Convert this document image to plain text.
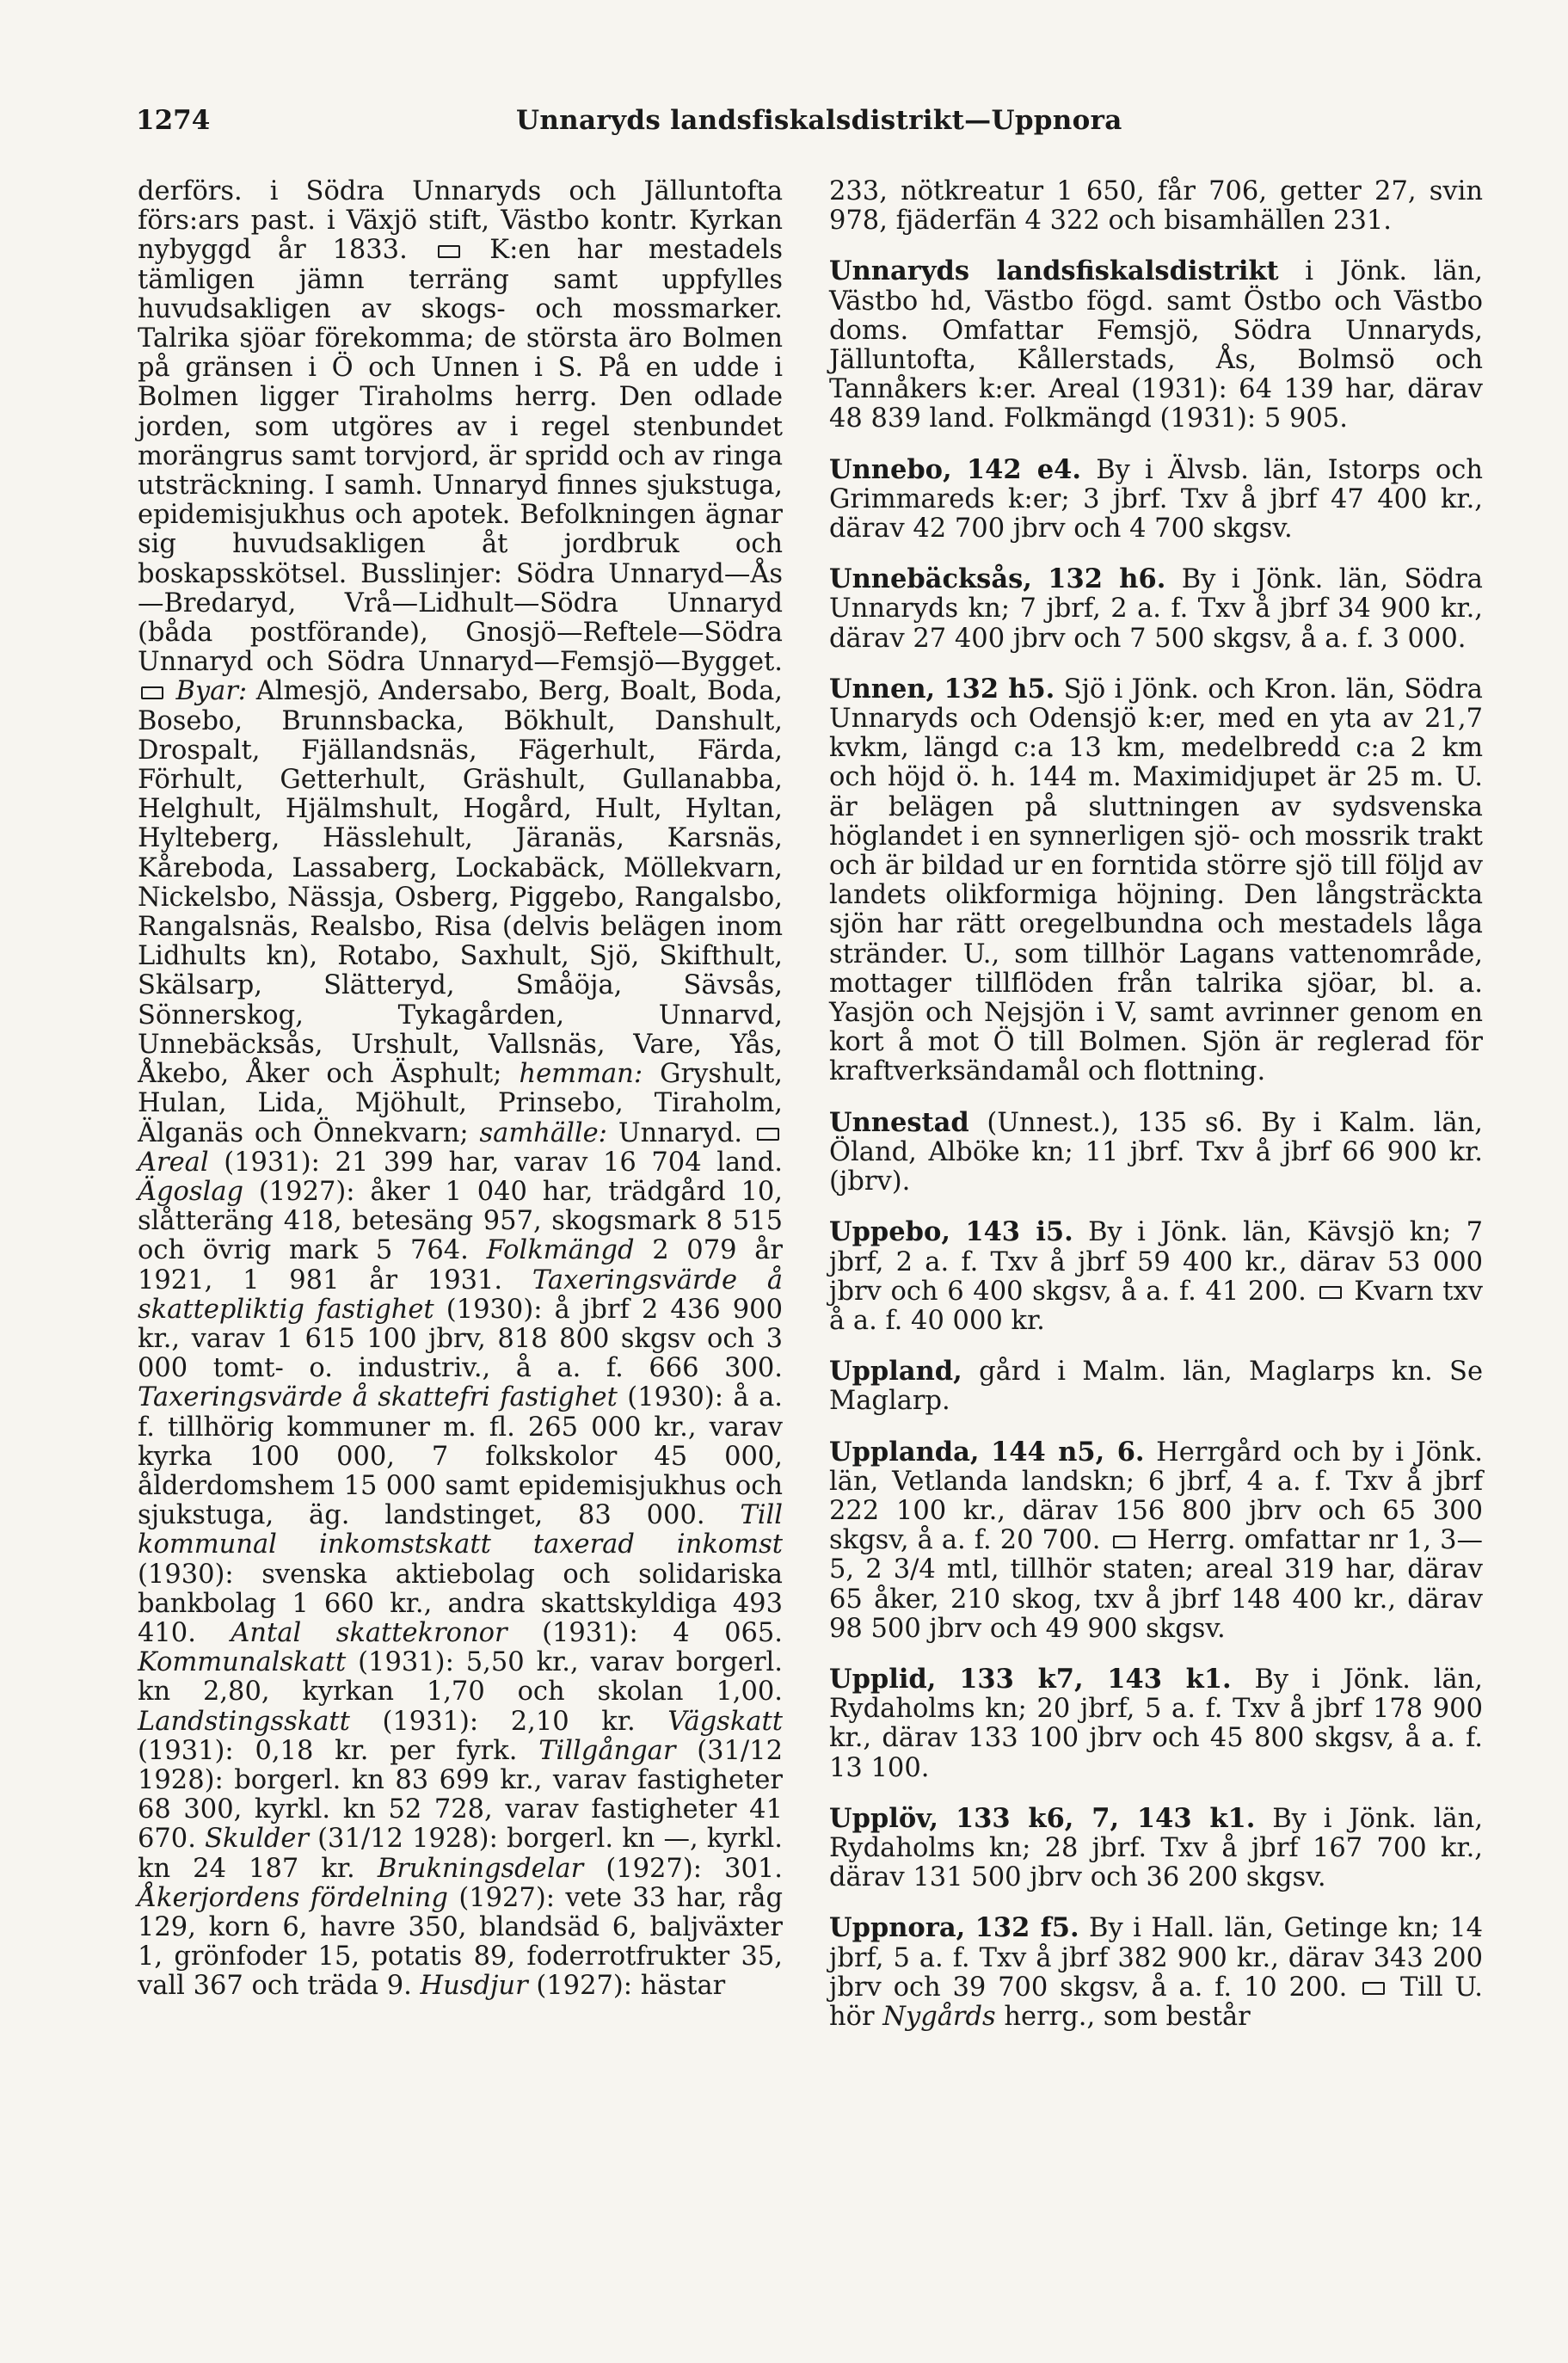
1274	Unnaryds landsfiskalsdistrikt—Uppnora

derförs. i Södra Unnaryds och Jälluntofta förs:ars past. i Växjö stift, Västbo kontr. Kyrkan nybyggd år 1833.	K:en har mestadels tämligen jämn terräng samt uppfylles huvudsakligen av skogs- och mossmarker. Talrika sjöar förekomma; de största äro Bolmen på gränsen i Ö och Unnen i S. På en udde i Bolmen ligger Tiraholms herrg. Den odlade jorden, som utgöres av i regel stenbundet morängrus samt torvjord, är spridd och av ringa utsträckning. I samh. Unnaryd finnes sjukstuga, epidemisjukhus och apotek. Befolkningen ägnar sig huvudsakligen åt jordbruk och boskapsskötsel. Busslinjer: Södra Unnaryd—Ås—Bredaryd, Vrå—Lidhult—Södra Unnaryd (båda postförande), Gnosjö—Reftele—Södra Unnaryd och Södra Unnaryd—Femsjö—Bygget.  Byar: Almesjö, Andersabo, Berg, Boalt, Boda, Bosebo, Brunnsbacka, Bökhult, Danshult, Drospalt, Fjällandsnäs, Fägerhult, Färda, Förhult, Getterhult, Gräshult, Gullanabba, Helghult, Hjälmshult, Hogård, Hult, Hyltan, Hylteberg, Hässlehult, Järanäs, Karsnäs, Kåreboda, Lassaberg, Lockabäck, Möllekvarn, Nickelsbo, Nässja, Osberg, Piggebo, Rangalsbo, Rangalsnäs, Realsbo, Risa (delvis belägen inom Lidhults kn), Rotabo, Saxhult, Sjö, Skifthult, Skälsarp, Slätteryd, Småöja, Sävsås, Sönnerskog, Tykagården, Unnarvd, Unnebäcksås, Urshult, Vallsnäs, Vare, Yås, Åkebo, Åker och Äsphult; hemman: Gryshult, Hulan, Lida, Mjöhult, Prinsebo, Tiraholm, Älganäs och Önnekvarn; samhälle: Unnaryd.  Areal (1931): 21 399 har, varav 16 704 land. Ägoslag (1927): åker 1 040 har, trädgård 10, slåtteräng 418, betesäng 957, skogsmark 8 515 och övrig mark 5 764. Folkmängd 2 079 år 1921, 1 981 år 1931. Taxeringsvärde å skattepliktig fastighet (1930): å jbrf 2 436 900 kr., varav 1 615 100 jbrv, 818 800 skgsv och 3 000 tomt- o. industriv., å a. f. 666 300. Taxeringsvärde å skattefri fastighet (1930): å a. f. tillhörig kommuner m. fl. 265 000 kr., varav kyrka 100 000, 7 folkskolor 45 000, ålderdomshem 15 000 samt epidemisjukhus och sjukstuga, äg. landstinget, 83 000. Till kommunal inkomstskatt taxerad inkomst (1930): svenska aktiebolag och solidariska bankbolag 1 660 kr., andra skattskyldiga 493 410. Antal skattekronor (1931): 4 065. Kommunalskatt (1931): 5,50 kr., varav borgerl. kn 2,80, kyrkan 1,70 och skolan 1,00. Landstingsskatt (1931): 2,10 kr. Vägskatt (1931): 0,18 kr. per fyrk. Tillgångar (31/12 1928): borgerl. kn 83 699 kr., varav fastigheter 68 300, kyrkl. kn 52 728, varav fastigheter 41 670. Skulder (31/12 1928): borgerl. kn —, kyrkl. kn 24 187 kr. Brukningsdelar (1927): 301. Åkerjordens fördelning (1927): vete 33 har, råg 129, korn 6, havre 350, blandsäd 6, baljväxter 1, grönfoder 15, potatis 89, foderrotfrukter 35, vall 367 och träda 9. Husdjur (1927): hästar

233, nötkreatur 1 650, får 706, getter 27, svin 978, fjäderfän 4 322 och bisamhällen 231.

Unnaryds landsfiskalsdistrikt i Jönk. län, Västbo hd, Västbo fögd. samt Östbo och Västbo doms. Omfattar Femsjö, Södra Unnaryds, Jälluntofta, Kållerstads, Ås, Bolmsö och Tannåkers k:er. Areal (1931): 64 139 har, därav 48 839 land. Folkmängd (1931): 5 905.

Unnebo, 142 e4. By i Älvsb. län, Istorps och Grimmareds k:er; 3 jbrf. Txv å jbrf 47 400 kr., därav 42 700 jbrv och 4 700 skgsv.

Unnebäcksås, 132 h6. By i Jönk. län, Södra Unnaryds kn; 7 jbrf, 2 a. f. Txv å jbrf 34 900 kr., därav 27 400 jbrv och 7 500 skgsv, å a. f. 3 000.

Unnen, 132 h5. Sjö i Jönk. och Kron. län, Södra Unnaryds och Odensjö k:er, med en yta av 21,7 kvkm, längd c:a 13 km, medelbredd c:a 2 km och höjd ö. h. 144 m. Maximidjupet är 25 m. U. är belägen på sluttningen av sydsvenska höglandet i en synnerligen sjö- och mossrik trakt och är bildad ur en forntida större sjö till följd av landets olikformiga höjning. Den långsträckta sjön har rätt oregelbundna och mestadels låga stränder. U., som tillhör Lagans vattenområde, mottager tillflöden från talrika sjöar, bl. a. Yasjön och Nejsjön i V, samt avrinner genom en kort å mot Ö till Bolmen. Sjön är reglerad för kraftverksändamål och flottning.

Unnestad (Unnest.), 135 s6. By i Kalm. län, Öland, Alböke kn; 11 jbrf. Txv å jbrf 66 900 kr. (jbrv).

Uppebo, 143 i5. By i Jönk. län, Kävsjö kn; 7 jbrf, 2 a. f. Txv å jbrf 59 400 kr., därav 53 000 jbrv och 6 400 skgsv, å a. f. 41 200. Kvarn txv å a. f. 40 000 kr.

Uppland, gård i Malm. län, Maglarps kn. Se Maglarp.

Upplanda, 144 n5, 6. Herrgård och by i Jönk. län, Vetlanda landskn; 6 jbrf, 4 a. f. Txv å jbrf 222 100 kr., därav 156 800 jbrv och 65 300 skgsv, å a. f. 20 700. Herrg. omfattar nr 1, 3—5, 2 3/4 mtl, tillhör staten; areal 319 har, därav 65 åker, 210 skog, txv å jbrf 148 400 kr., därav 98 500 jbrv och 49 900 skgsv.

Upplid, 133 k7, 143 k1. By i Jönk. län, Rydaholms kn; 20 jbrf, 5 a. f. Txv å jbrf 178 900 kr., därav 133 100 jbrv och 45 800 skgsv, å a. f. 13 100.

Upplöv, 133 k6, 7, 143 k1. By i Jönk. län, Rydaholms kn; 28 jbrf. Txv å jbrf 167 700 kr., därav 131 500 jbrv och 36 200 skgsv.

Uppnora, 132 f5. By i Hall. län, Getinge kn; 14 jbrf, 5 a. f. Txv å jbrf 382 900 kr., därav 343 200 jbrv och 39 700 skgsv, å a. f. 10 200. Till U. hör Nygårds herrg., som består
